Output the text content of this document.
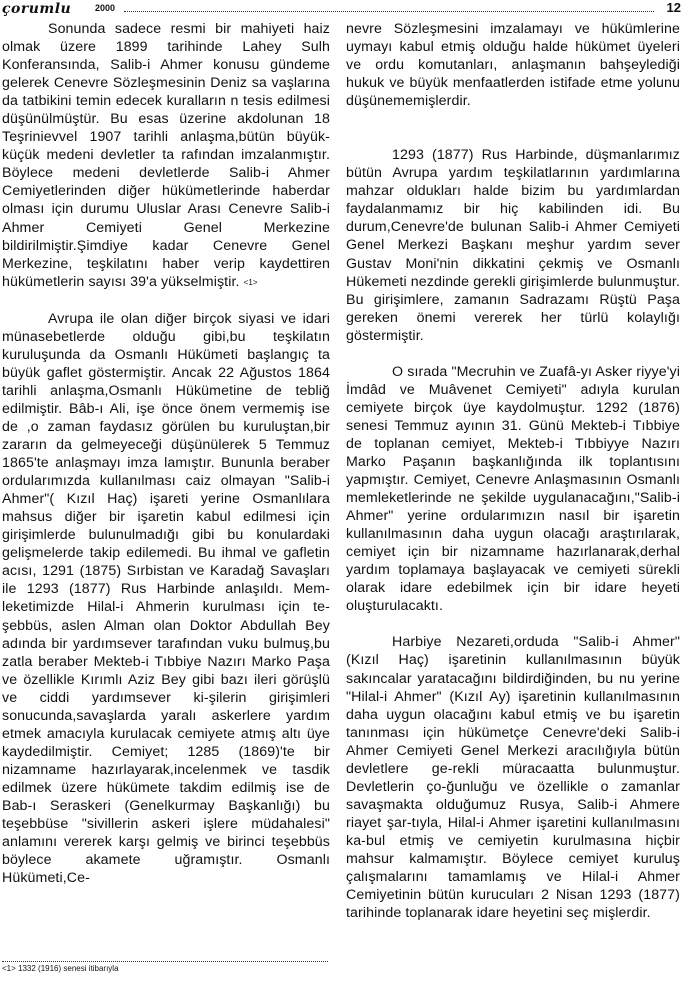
çorumlu	2000	12

Sonunda sadece resmi bir mahiyeti haiz olmak üzere 1899 tarihinde Lahey Sulh Konferansında, Salib-i Ahmer konusu gündeme gelerek Cenevre Sözleşmesinin Deniz sa vaşlarına da tatbikini temin edecek kuralların n tesis edilmesi düşünülmüştür. Bu esas üzerine akdolunan 18 Teşrinievvel 1907 tarihli anlaşma,bütün büyük-küçük medeni devletler ta rafından imzalanmıştır. Böylece medeni devletlerde Salib-i Ahmer Cemiyetlerinden diğer hükümetlerinde haberdar olması için durumu Uluslar Arası Cenevre Salib-i Ahmer Cemiyeti Genel Merkezine bildirilmiştir.Şimdiye kadar Cenevre Genel Merkezine, teşkilatını haber verip kaydettiren hükümetlerin sayısı 39'a yükselmiştir. <1>

Avrupa ile olan diğer birçok siyasi ve idari münasebetlerde olduğu gibi,bu teşkilatın kuruluşunda da Osmanlı Hükümeti başlangıç ta büyük gaflet göstermiştir. Ancak 22 Ağustos 1864 tarihli anlaşma,Osmanlı Hükümetine de tebliğ edilmiştir. Bâb-ı Ali, işe önce önem vermemiş ise de ,o zaman faydasız görülen bu kuruluştan,bir zararın da gelmeyeceği düşünülerek 5 Temmuz 1865'te anlaşmayı imza lamıştır. Bununla beraber ordularımızda kullanılması caiz olmayan "Salib-i Ahmer"( Kızıl Haç) işareti yerine Osmanlılara mahsus diğer bir işaretin kabul edilmesi için girişimlerde bulunulmadığı gibi bu konulardaki gelişmelerde takip edilemedi. Bu ihmal ve gafletin acısı, 1291 (1875) Sırbistan ve Karadağ Savaşları ile 1293 (1877) Rus Harbinde anlaşıldı. Mem-leketimizde Hilal-i Ahmerin kurulması için te-şebbüs, aslen Alman olan Doktor Abdullah Bey adında bir yardımsever tarafından vuku bulmuş,bu zatla beraber Mekteb-i Tıbbiye Nazırı Marko Paşa ve özellikle Kırımlı Aziz Bey gibi bazı ileri görüşlü ve ciddi yardımsever ki-şilerin girişimleri sonucunda,savaşlarda yaralı askerlere yardım etmek amacıyla kurulacak cemiyete atmış altı üye kaydedilmiştir. Cemiyet; 1285 (1869)'te bir nizamname hazırlayarak,incelenmek ve tasdik edilmek üzere hükümete takdim edilmiş ise de Bab-ı Seraskeri (Genelkurmay Başkanlığı) bu teşebbüse "sivillerin askeri işlere müdahalesi" anlamını vererek karşı gelmiş ve birinci teşebbüs böylece akamete uğramıştır. Osmanlı Hükümeti,Ce-

nevre Sözleşmesini imzalamayı ve hükümlerine uymayı kabul etmiş olduğu halde hükümet üyeleri ve ordu komutanları, anlaşmanın bahşeylediği hukuk ve büyük menfaatlerden istifade etme yolunu düşünememişlerdir.

1293 (1877) Rus Harbinde, düşmanlarımız bütün Avrupa yardım teşkilatlarının yardımlarına mahzar oldukları halde bizim bu yardımlardan faydalanmamız bir hiç kabilinden idi. Bu durum,Cenevre'de bulunan Salib-i Ahmer Cemiyeti Genel Merkezi Başkanı meşhur yardım sever Gustav Moni'nin dikkatini çekmiş ve Osmanlı Hükemeti nezdinde gerekli girişimlerde bulunmuştur. Bu girişimlere, zamanın Sadrazamı Rüştü Paşa gereken önemi vererek her türlü kolaylığı göstermiştir.

O sırada "Mecruhin ve Zuafâ-yı Asker riyye'yi İmdâd ve Muâvenet Cemiyeti" adıyla kurulan cemiyete birçok üye kaydolmuştur. 1292 (1876) senesi Temmuz ayının 31. Günü Mekteb-i Tıbbiye de toplanan cemiyet, Mekteb-i Tıbbiyye Nazırı Marko Paşanın başkanlığında ilk toplantısını yapmıştır. Cemiyet, Cenevre Anlaşmasının Osmanlı memleketlerinde ne şekilde uygulanacağını,"Salib-i Ahmer" yerine ordularımızın nasıl bir işaretin kullanılmasının daha uygun olacağı araştırılarak, cemiyet için bir nizamname hazırlanarak,derhal yardım toplamaya başlayacak ve cemiyeti sürekli olarak idare edebilmek için bir idare heyeti oluşturulacaktı.

Harbiye Nezareti,orduda "Salib-i Ahmer" (Kızıl Haç) işaretinin kullanılmasının büyük sakıncalar yaratacağını bildirdiğinden, bu nu yerine "Hilal-i Ahmer" (Kızıl Ay) işaretinin kullanılmasının daha uygun olacağını kabul etmiş ve bu işaretin tanınması için hükümetçe Cenevre'deki Salib-i Ahmer Cemiyeti Genel Merkezi aracılığıyla bütün devletlere ge-rekli müracaatta bulunmuştur. Devletlerin ço-ğunluğu ve özellikle o zamanlar savaşmakta olduğumuz Rusya, Salib-i Ahmere riayet şar-tıyla, Hilal-i Ahmer işaretini kullanılmasını ka-bul etmiş ve cemiyetin kurulmasına hiçbir mahsur kalmamıştır. Böylece cemiyet kuruluş çalışmalarını tamamlamış ve Hilal-i Ahmer Cemiyetinin bütün kurucuları 2 Nisan 1293 (1877) tarihinde toplanarak idare heyetini seç mişlerdir.

<1> 1332 (1916) senesi itibarıyla
